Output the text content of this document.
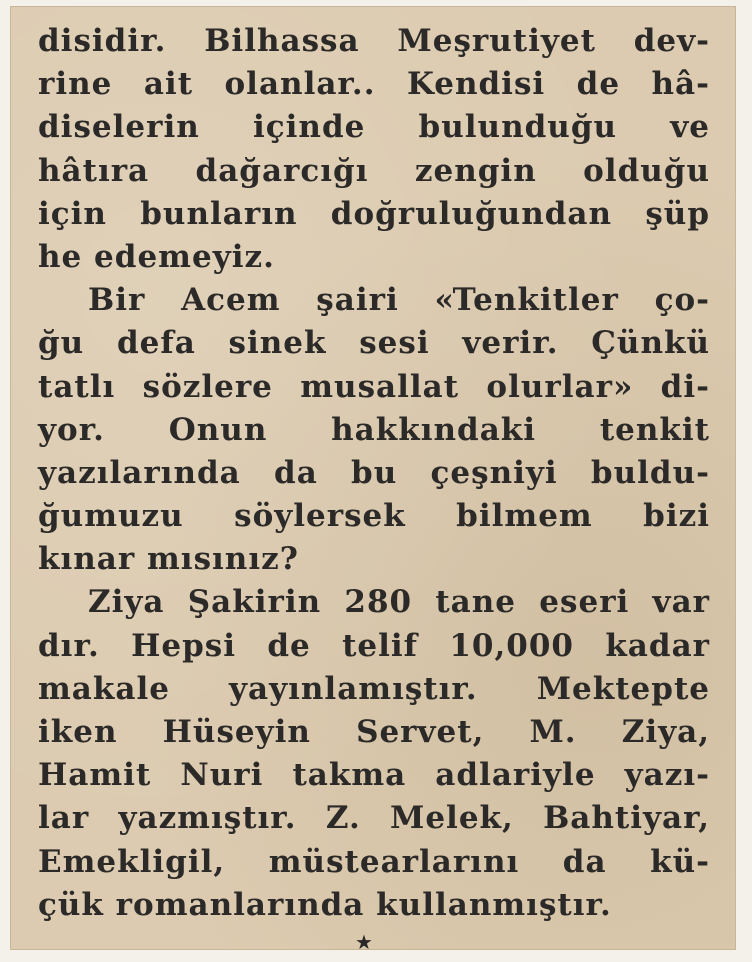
disidir. Bilhassa Meşrutiyet dev-
rine ait olanlar.. Kendisi de hâ-
diselerin içinde bulunduğu ve
hâtıra dağarcığı zengin olduğu
için bunların doğruluğundan şüp
he edemeyiz.
Bir Acem şairi «Tenkitler ço-
ğu defa sinek sesi verir. Çünkü
tatlı sözlere musallat olurlar» di-
yor. Onun hakkındaki tenkit
yazılarında da bu çeşniyi buldu-
ğumuzu söylersek bilmem bizi
kınar mısınız?
Ziya Şakirin 280 tane eseri var
dır. Hepsi de telif 10,000 kadar
makale yayınlamıştır. Mektepte
iken Hüseyin Servet, M. Ziya,
Hamit Nuri takma adlariyle yazı-
lar yazmıştır. Z. Melek, Bahtiyar,
Emekligil, müstearlarını da kü-
çük romanlarında kullanmıştır.
★
